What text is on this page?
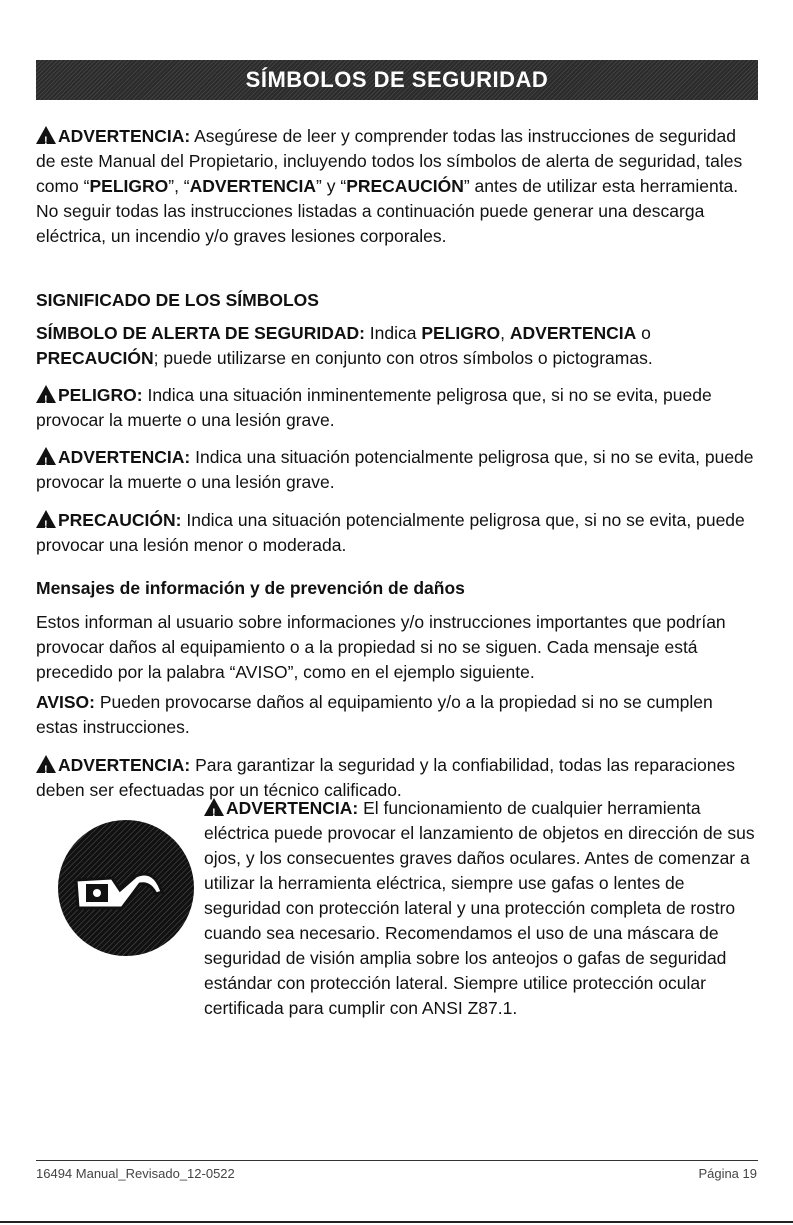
SÍMBOLOS DE SEGURIDAD

!ADVERTENCIA: Asegúrese de leer y comprender todas las instrucciones de seguridad de este Manual del Propietario, incluyendo todos los símbolos de alerta de seguridad, tales como “PELIGRO”, “ADVERTENCIA” y “PRECAUCIÓN” antes de utilizar esta herramienta. No seguir todas las instrucciones listadas a continuación puede generar una descarga eléctrica, un incendio y/o graves lesiones corporales.

SIGNIFICADO DE LOS SÍMBOLOS

SÍMBOLO DE ALERTA DE SEGURIDAD: Indica PELIGRO, ADVERTENCIA o PRECAUCIÓN; puede utilizarse en conjunto con otros símbolos o pictogramas.

!PELIGRO: Indica una situación inminentemente peligrosa que, si no se evita, puede provocar la muerte o una lesión grave.

!ADVERTENCIA: Indica una situación potencialmente peligrosa que, si no se evita, puede provocar la muerte o una lesión grave.

!PRECAUCIÓN: Indica una situación potencialmente peligrosa que, si no se evita, puede provocar una lesión menor o moderada.

Mensajes de información y de prevención de daños

Estos informan al usuario sobre informaciones y/o instrucciones importantes que podrían provocar daños al equipamiento o a la propiedad si no se siguen. Cada mensaje está precedido por la palabra “AVISO”, como en el ejemplo siguiente.

AVISO: Pueden provocarse daños al equipamiento y/o a la propiedad si no se cumplen estas instrucciones.

!ADVERTENCIA: Para garantizar la seguridad y la confiabilidad, todas las reparaciones deben ser efectuadas por un técnico calificado.

!ADVERTENCIA: El funcionamiento de cualquier herramienta eléctrica puede provocar el lanzamiento de objetos en dirección de sus ojos, y los consecuentes graves daños oculares. Antes de comenzar a utilizar la herramienta eléctrica, siempre use gafas o lentes de seguridad con protección lateral y una protección completa de rostro cuando sea necesario. Recomendamos el uso de una máscara de seguridad de visión amplia sobre los anteojos o gafas de seguridad estándar con protección lateral. Siempre utilice protección ocular certificada para cumplir con ANSI Z87.1.

16494 Manual_Revisado_12-0522	Página 19
